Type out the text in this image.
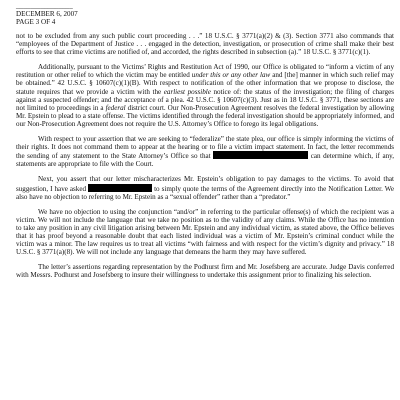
________________
DECEMBER 6, 2007
PAGE 3 OF 4

not to be excluded from any such public court proceeding . . .” 18 U.S.C. § 3771(a)(2) & (3). Section 3771 also commands that “employees of the Department of Justice . . . engaged in the detection, investigation, or prosecution of crime shall make their best efforts to see that crime victims are notified of, and accorded, the rights described in subsection (a).” 18 U.S.C. § 3771(c)(1).

Additionally, pursuant to the Victims’ Rights and Restitution Act of 1990, our Office is obligated to “inform a victim of any restitution or other relief to which the victim may be entitled under this or any other law and [the] manner in which such relief may be obtained.” 42 U.S.C. § 10607(c)(1)(B). With respect to notification of the other information that we propose to disclose, the statute requires that we provide a victim with the earliest possible notice of: the status of the investigation; the filing of charges against a suspected offender; and the acceptance of a plea. 42 U.S.C. § 10607(c)(3). Just as in 18 U.S.C. § 3771, these sections are not limited to proceedings in a federal district court. Our Non-Prosecution Agreement resolves the federal investigation by allowing Mr. Epstein to plead to a state offense. The victims identified through the federal investigation should be appropriately informed, and our Non-Prosecution Agreement does not require the U.S. Attorney’s Office to forego its legal obligations.

With respect to your assertion that we are seeking to “federalize” the state plea, our office is simply informing the victims of their rights. It does not command them to appear at the hearing or to file a victim impact statement. In fact, the letter recommends the sending of any statement to the State Attorney’s Office so that	can determine which, if any, statements are appropriate to file with the Court.

Next, you assert that our letter mischaracterizes Mr. Epstein’s obligation to pay damages to the victims. To avoid that suggestion, I have asked	to simply quote the terms of the Agreement directly into the Notification Letter. We also have no objection to referring to Mr. Epstein as a “sexual offender” rather than a “predator.”

We have no objection to using the conjunction “and/or” in referring to the particular offense(s) of which the recipient was a victim. We will not include the language that we take no position as to the validity of any claims. While the Office has no intention to take any position in any civil litigation arising between Mr. Epstein and any individual victim, as stated above, the Office believes that it has proof beyond a reasonable doubt that each listed individual was a victim of Mr. Epstein’s criminal conduct while the victim was a minor. The law requires us to treat all victims “with fairness and with respect for the victim’s dignity and privacy.” 18 U.S.C. § 3771(a)(8). We will not include any language that demeans the harm they may have suffered.

The letter’s assertions regarding representation by the Podhurst firm and Mr. Josefsberg are accurate. Judge Davis conferred with Messrs. Podhurst and Josefsberg to insure their willingness to undertake this assignment prior to finalizing his selection.
